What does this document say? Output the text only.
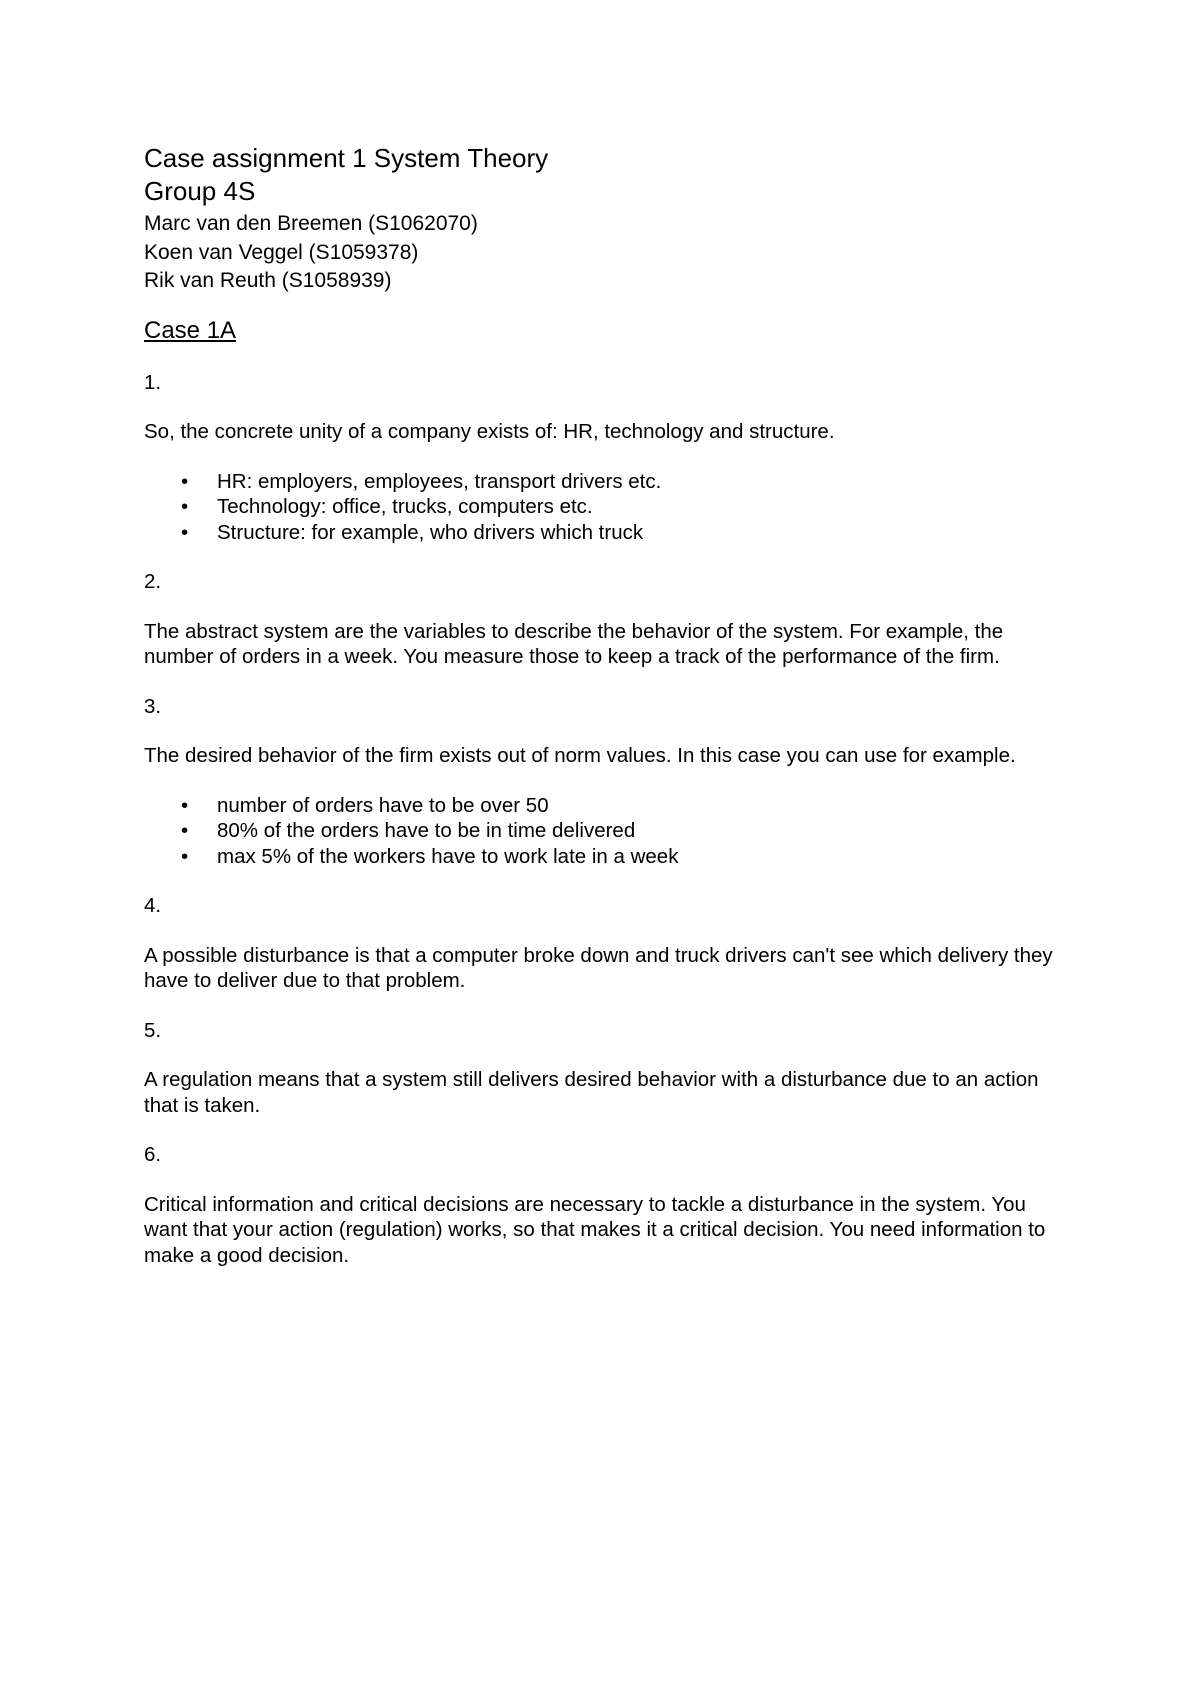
Case assignment 1 System Theory
Group 4S

Marc van den Breemen (S1062070)

Koen van Veggel (S1059378)

Rik van Reuth (S1058939)

Case 1A

1.

So, the concrete unity of a company exists of: HR, technology and structure.

• HR: employers, employees, transport drivers etc.
• Technology: office, trucks, computers etc.
• Structure: for example, who drivers which truck

2.

The abstract system are the variables to describe the behavior of the system. For example, the number of orders in a week. You measure those to keep a track of the performance of the firm.

3.

The desired behavior of the firm exists out of norm values. In this case you can use for example.

• number of orders have to be over 50
• 80% of the orders have to be in time delivered
• max 5% of the workers have to work late in a week

4.

A possible disturbance is that a computer broke down and truck drivers can't see which delivery they have to deliver due to that problem.

5.

A regulation means that a system still delivers desired behavior with a disturbance due to an action that is taken.

6.

Critical information and critical decisions are necessary to tackle a disturbance in the system. You want that your action (regulation) works, so that makes it a critical decision. You need information to make a good decision.
